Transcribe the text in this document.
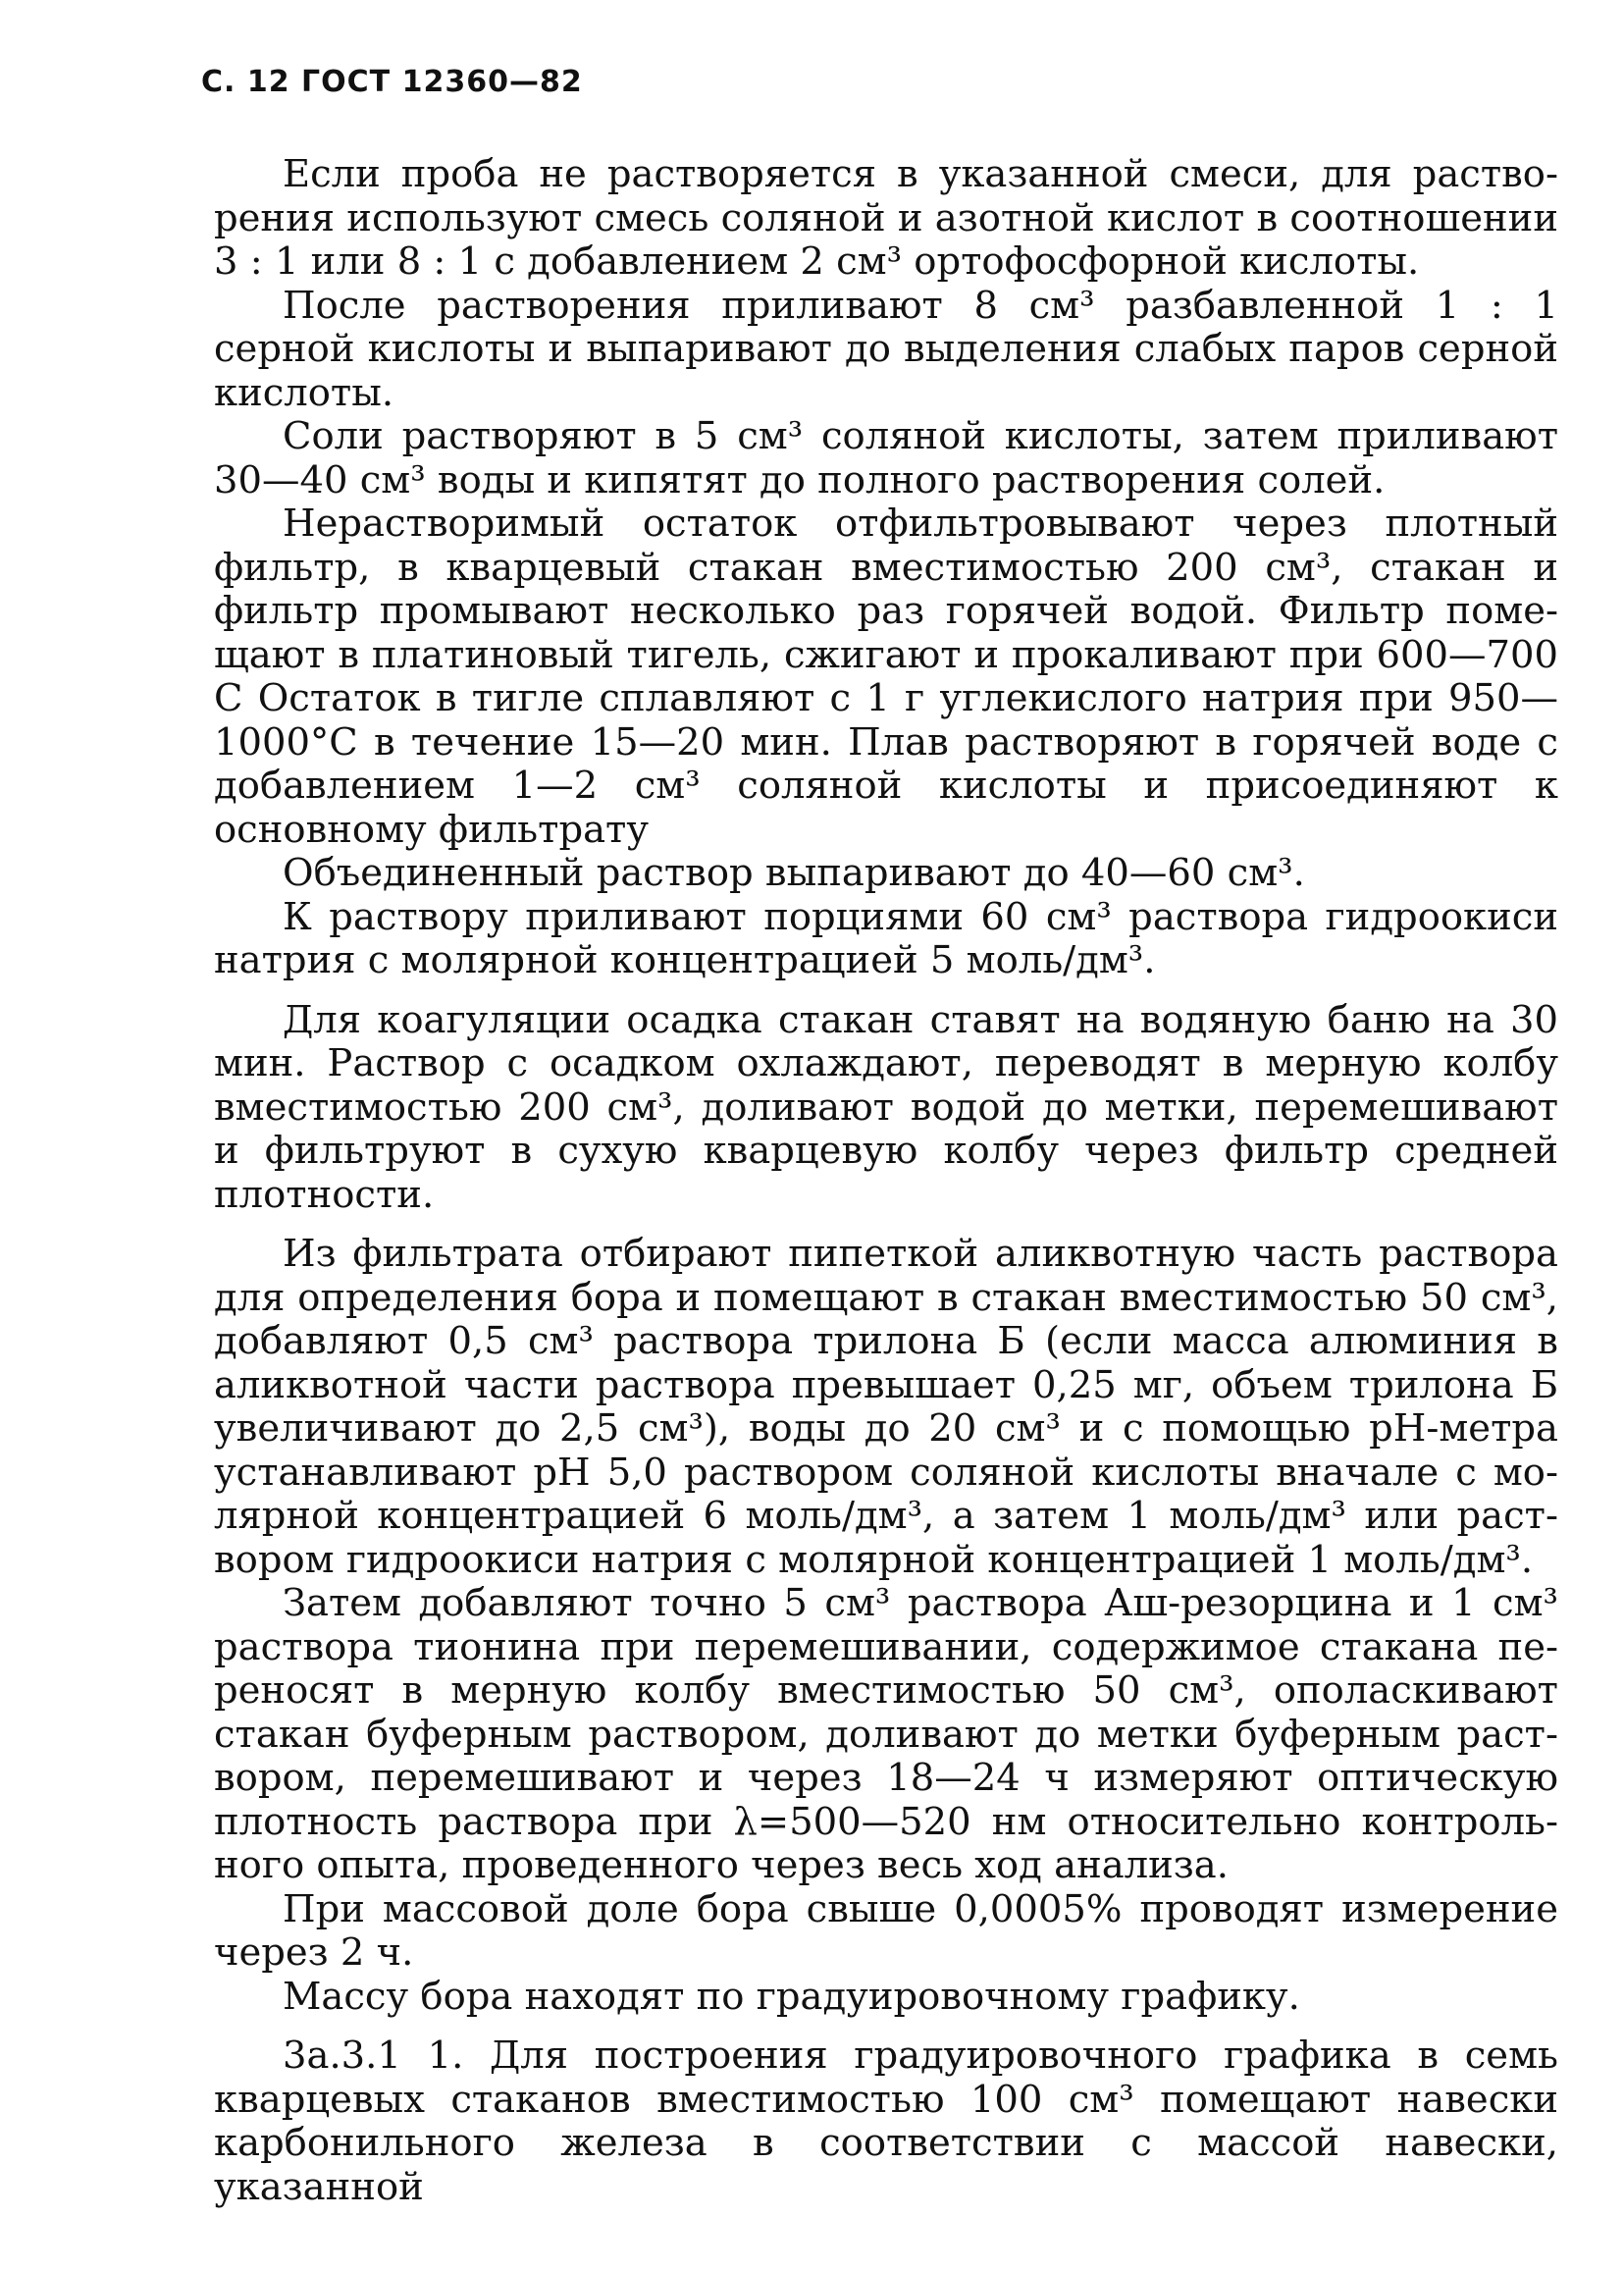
С. 12 ГОСТ 12360—82

Если проба не растворяется в указанной смеси, для растворения используют смесь соляной и азотной кислот в соотношении 3 : 1 или 8 : 1 с добавлением 2 см³ ортофосфорной кислоты.

После растворения приливают 8 см³ разбавленной 1 : 1 серной кислоты и выпаривают до выделения слабых паров серной кислоты.

Соли растворяют в 5 см³ соляной кислоты, затем приливают 30—40 см³ воды и кипятят до полного растворения солей.

Нерастворимый остаток отфильтровывают через плотный фильтр, в кварцевый стакан вместимостью 200 см³, стакан и фильтр промывают несколько раз горячей водой. Фильтр помещают в платиновый тигель, сжигают и прокаливают при 600—700 С Остаток в тигле сплавляют с 1 г углекислого натрия при 950—1000°С в течение 15—20 мин. Плав растворяют в горячей воде с добавлением 1—2 см³ соляной кислоты и присоединяют к основному фильтрату

Объединенный раствор выпаривают до 40—60 см³.

К раствору приливают порциями 60 см³ раствора гидроокиси натрия с молярной концентрацией 5 моль/дм³.

Для коагуляции осадка стакан ставят на водяную баню на 30 мин. Раствор с осадком охлаждают, переводят в мерную колбу вместимостью 200 см³, доливают водой до метки, перемешивают и фильтруют в сухую кварцевую колбу через фильтр средней плотности.

Из фильтрата отбирают пипеткой аликвотную часть раствора для определения бора и помещают в стакан вместимостью 50 см³, добавляют 0,5 см³ раствора трилона Б (если масса алюминия в аликвотной части раствора превышает 0,25 мг, объем трилона Б увеличивают до 2,5 см³), воды до 20 см³ и с помощью pH-метра устанавливают pH 5,0 раствором соляной кислоты вначале с молярной концентрацией 6 моль/дм³, а затем 1 моль/дм³ или раствором гидроокиси натрия с молярной концентрацией 1 моль/дм³.

Затем добавляют точно 5 см³ раствора Аш-резорцина и 1 см³ раствора тионина при перемешивании, содержимое стакана переносят в мерную колбу вместимостью 50 см³, ополаскивают стакан буферным раствором, доливают до метки буферным раствором, перемешивают и через 18—24 ч измеряют оптическую плотность раствора при λ=500—520 нм относительно контрольного опыта, проведенного через весь ход анализа.

При массовой доле бора свыше 0,0005% проводят измерение через 2 ч.

Массу бора находят по градуировочному графику.

3а.3.1 1. Для построения градуировочного графика в семь кварцевых стаканов вместимостью 100 см³ помещают навески карбонильного железа в соответствии с массой навески, указанной
